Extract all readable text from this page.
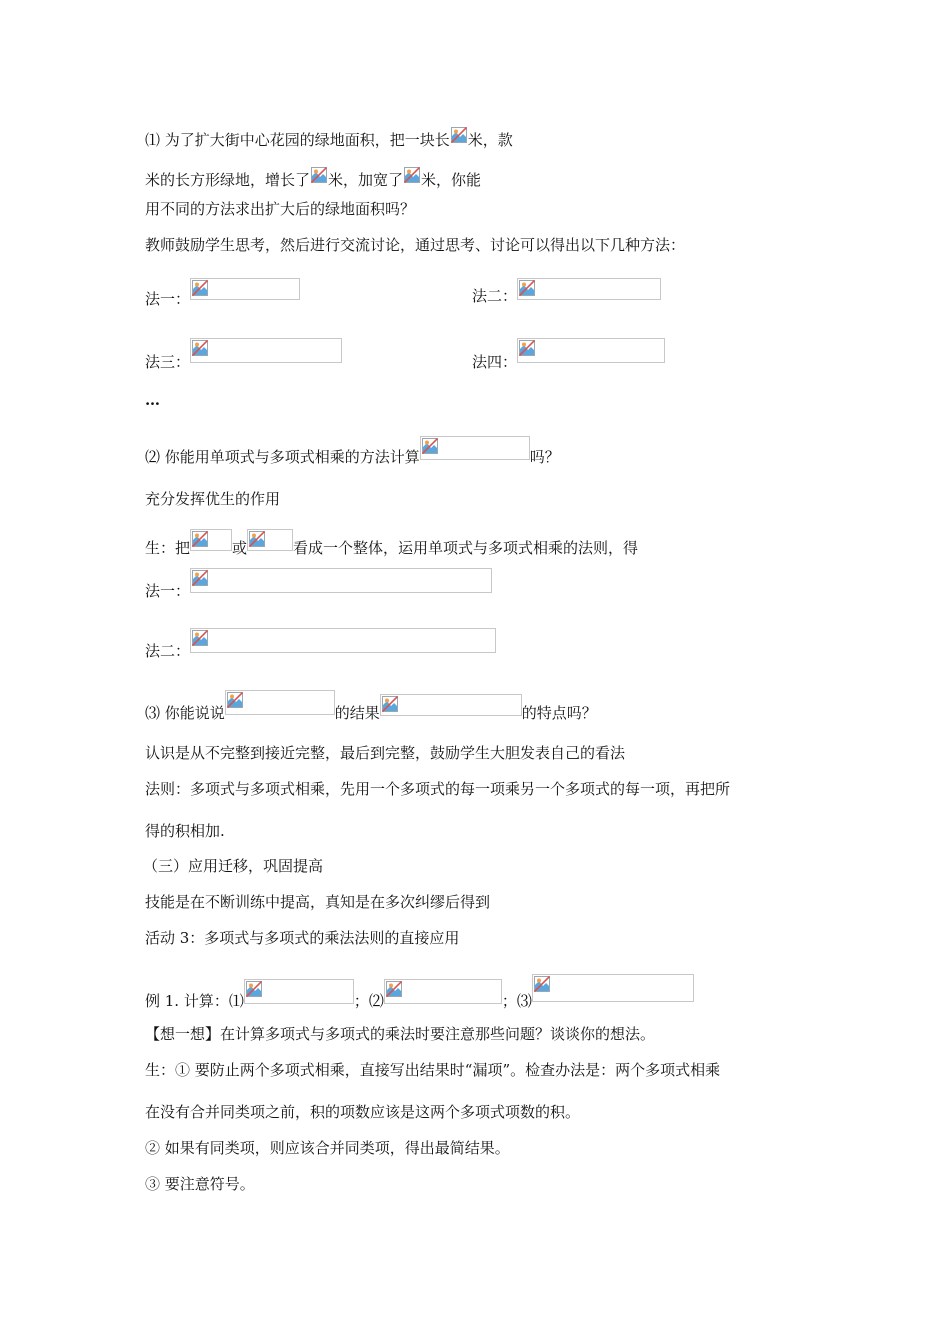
⑴ 为了扩大街中心花园的绿地面积，把一块长 米，款
米的长方形绿地，增长了 米，加宽了 米，你能
用不同的方法求出扩大后的绿地面积吗？
教师鼓励学生思考，然后进行交流讨论，通过思考、讨论可以得出以下几种方法：
法一：	法二：
法三：	法四：
…
⑵ 你能用单项式与多项式相乘的方法计算	吗？
充分发挥优生的作用
生：把	或	看成一个整体，运用单项式与多项式相乘的法则，得
法一：
法二：
⑶ 你能说说	的结果	的特点吗？
认识是从不完整到接近完整，最后到完整，鼓励学生大胆发表自己的看法
法则：多项式与多项式相乘，先用一个多项式的每一项乘另一个多项式的每一项，再把所
得的积相加.
（三）应用迁移，巩固提高
技能是在不断训练中提高，真知是在多次纠缪后得到
活动 3：多项式与多项式的乘法法则的直接应用
例 1. 计算：⑴	；⑵	；⑶
【想一想】在计算多项式与多项式的乘法时要注意那些问题？谈谈你的想法。
生：① 要防止两个多项式相乘，直接写出结果时“漏项”。检查办法是：两个多项式相乘
在没有合并同类项之前，积的项数应该是这两个多项式项数的积。
② 如果有同类项，则应该合并同类项，得出最简结果。
③ 要注意符号。
